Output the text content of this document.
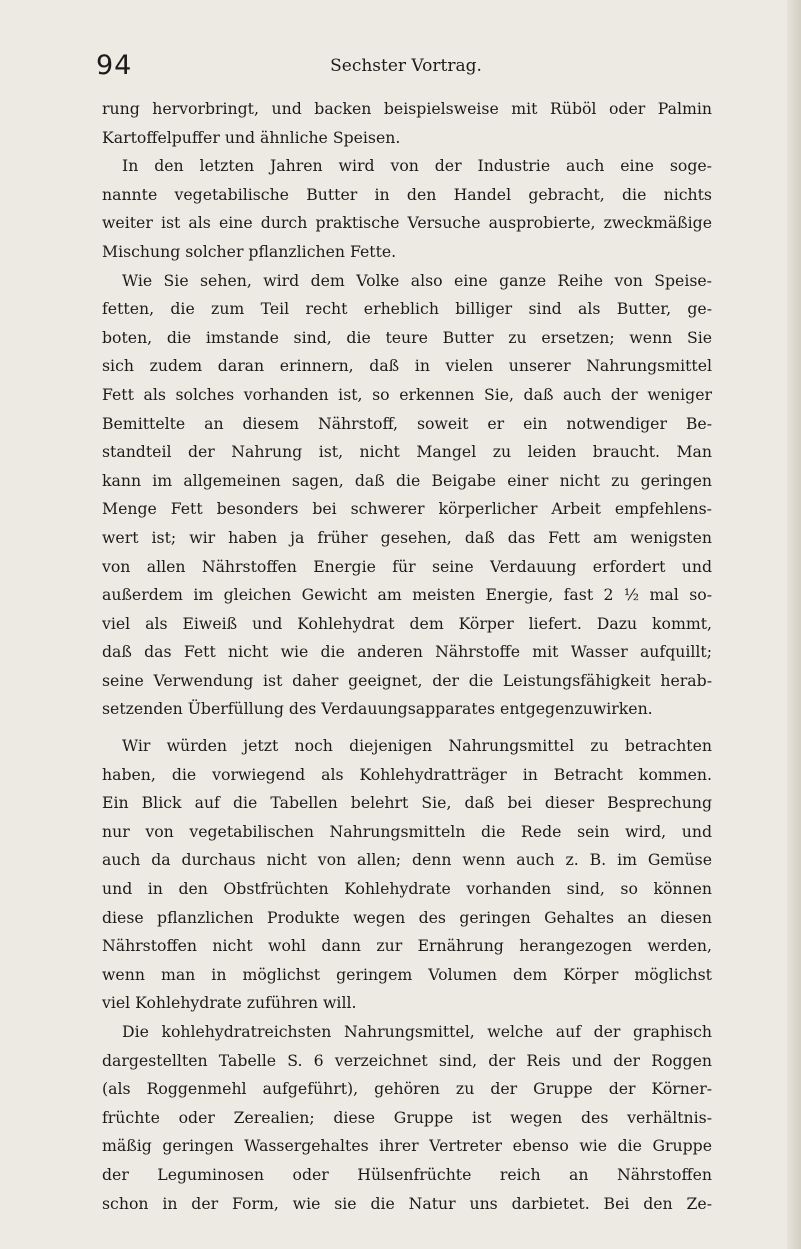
94	Sechster Vortrag.
rung hervorbringt, und backen beispielsweise mit Rüböl oder Palmin
Kartoffelpuffer und ähnliche Speisen.
In den letzten Jahren wird von der Industrie auch eine soge-
nannte vegetabilische Butter in den Handel gebracht, die nichts
weiter ist als eine durch praktische Versuche ausprobierte, zweckmäßige
Mischung solcher pflanzlichen Fette.
Wie Sie sehen, wird dem Volke also eine ganze Reihe von Speise-
fetten, die zum Teil recht erheblich billiger sind als Butter, ge-
boten, die imstande sind, die teure Butter zu ersetzen; wenn Sie
sich zudem daran erinnern, daß in vielen unserer Nahrungsmittel
Fett als solches vorhanden ist, so erkennen Sie, daß auch der weniger
Bemittelte an diesem Nährstoff, soweit er ein notwendiger Be-
standteil der Nahrung ist, nicht Mangel zu leiden braucht. Man
kann im allgemeinen sagen, daß die Beigabe einer nicht zu geringen
Menge Fett besonders bei schwerer körperlicher Arbeit empfehlens-
wert ist; wir haben ja früher gesehen, daß das Fett am wenigsten
von allen Nährstoffen Energie für seine Verdauung erfordert und
außerdem im gleichen Gewicht am meisten Energie, fast 2 ½ mal so-
viel als Eiweiß und Kohlehydrat dem Körper liefert. Dazu kommt,
daß das Fett nicht wie die anderen Nährstoffe mit Wasser aufquillt;
seine Verwendung ist daher geeignet, der die Leistungsfähigkeit herab-
setzenden Überfüllung des Verdauungsapparates entgegenzuwirken.
Wir würden jetzt noch diejenigen Nahrungsmittel zu betrachten
haben, die vorwiegend als Kohlehydratträger in Betracht kommen.
Ein Blick auf die Tabellen belehrt Sie, daß bei dieser Besprechung
nur von vegetabilischen Nahrungsmitteln die Rede sein wird, und
auch da durchaus nicht von allen; denn wenn auch z. B. im Gemüse
und in den Obstfrüchten Kohlehydrate vorhanden sind, so können
diese pflanzlichen Produkte wegen des geringen Gehaltes an diesen
Nährstoffen nicht wohl dann zur Ernährung herangezogen werden,
wenn man in möglichst geringem Volumen dem Körper möglichst
viel Kohlehydrate zuführen will.
Die kohlehydratreichsten Nahrungsmittel, welche auf der graphisch
dargestellten Tabelle S. 6 verzeichnet sind, der Reis und der Roggen
(als Roggenmehl aufgeführt), gehören zu der Gruppe der Körner-
früchte oder Zerealien; diese Gruppe ist wegen des verhältnis-
mäßig geringen Wassergehaltes ihrer Vertreter ebenso wie die Gruppe
der Leguminosen oder Hülsenfrüchte reich an Nährstoffen
schon in der Form, wie sie die Natur uns darbietet. Bei den Ze-
